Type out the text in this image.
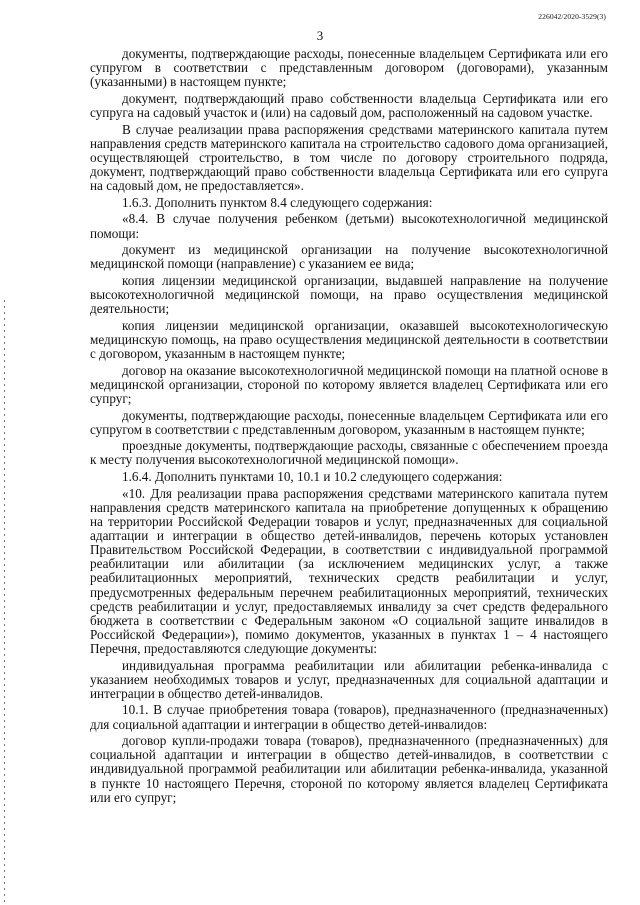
226042/2020-3529(3)
3

документы, подтверждающие расходы, понесенные владельцем Сертификата или его супругом в соответствии с представленным договором (договорами), указанным (указанными) в настоящем пункте;

документ, подтверждающий право собственности владельца Сертификата или его супруга на садовый участок и (или) на садовый дом, расположенный на садовом участке.

В случае реализации права распоряжения средствами материнского капитала путем направления средств материнского капитала на строительство садового дома организацией, осуществляющей строительство, в том числе по договору строительного подряда, документ, подтверждающий право собственности владельца Сертификата или его супруга на садовый дом, не предоставляется».

1.6.3. Дополнить пунктом 8.4 следующего содержания:

«8.4. В случае получения ребенком (детьми) высокотехнологичной медицинской помощи:

документ из медицинской организации на получение высокотехнологичной медицинской помощи (направление) с указанием ее вида;

копия лицензии медицинской организации, выдавшей направление на получение высокотехнологичной медицинской помощи, на право осуществления медицинской деятельности;

копия лицензии медицинской организации, оказавшей высокотехнологическую медицинскую помощь, на право осуществления медицинской деятельности в соответствии с договором, указанным в настоящем пункте;

договор на оказание высокотехнологичной медицинской помощи на платной основе в медицинской организации, стороной по которому является владелец Сертификата или его супруг;

документы, подтверждающие расходы, понесенные владельцем Сертификата или его супругом в соответствии с представленным договором, указанным в настоящем пункте;

проездные документы, подтверждающие расходы, связанные с обеспечением проезда к месту получения высокотехнологичной медицинской помощи».

1.6.4. Дополнить пунктами 10, 10.1 и 10.2 следующего содержания:

«10. Для реализации права распоряжения средствами материнского капитала путем направления средств материнского капитала на приобретение допущенных к обращению на территории Российской Федерации товаров и услуг, предназначенных для социальной адаптации и интеграции в общество детей-инвалидов, перечень которых установлен Правительством Российской Федерации, в соответствии с индивидуальной программой реабилитации или абилитации (за исключением медицинских услуг, а также реабилитационных мероприятий, технических средств реабилитации и услуг, предусмотренных федеральным перечнем реабилитационных мероприятий, технических средств реабилитации и услуг, предоставляемых инвалиду за счет средств федерального бюджета в соответствии с Федеральным законом «О социальной защите инвалидов в Российской Федерации»), помимо документов, указанных в пунктах 1 – 4 настоящего Перечня, предоставляются следующие документы:

индивидуальная программа реабилитации или абилитации ребенка-инвалида с указанием необходимых товаров и услуг, предназначенных для социальной адаптации и интеграции в общество детей-инвалидов.

10.1. В случае приобретения товара (товаров), предназначенного (предназначенных) для социальной адаптации и интеграции в общество детей-инвалидов:

договор купли-продажи товара (товаров), предназначенного (предназначенных) для социальной адаптации и интеграции в общество детей-инвалидов, в соответствии с индивидуальной программой реабилитации или абилитации ребенка-инвалида, указанной в пункте 10 настоящего Перечня, стороной по которому является владелец Сертификата или его супруг;
